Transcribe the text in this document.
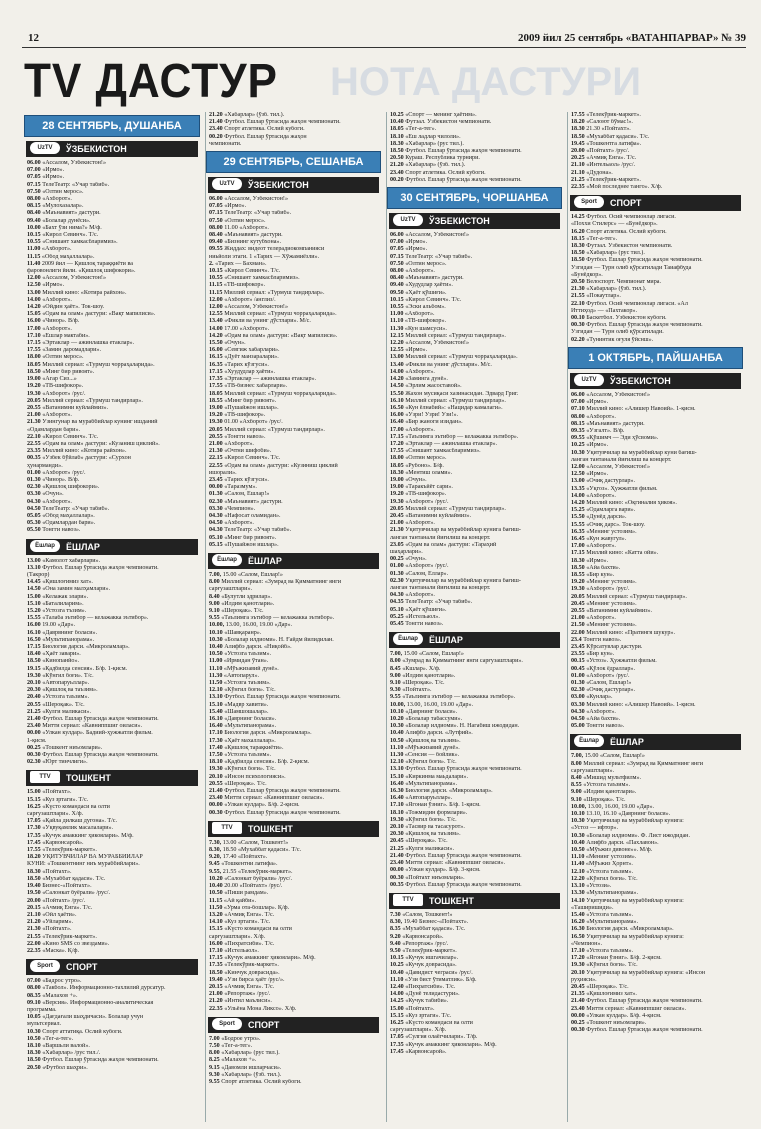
12	2009 йил 25 сентябрь «ВАТАНПАРВАР» № 39
TV ДАСТУР НОТА ДАСТУРИ
28 СЕНТЯБРЬ, ДУШАНБА
UzTV	ЎЗБЕКИСТОН
06.00 «Ассалом, Ўзбекистон!»
07.00 «Ирмо».
07.05 «Ирмо».
07.15 ТелеТеатр: «Учар табиб».
07.50 «Олтин мерос».
08.00 «Ахборот».
08.15 «Мулохазалар».
08.40 «Маънавият» дастури.
09.40 «Болалар дунёси».
10.00 «Бахт ўзи нима?» М/ф.
10.15 «Кирол Севинч». Т/с.
10.55 «Снишант хамкасбларимиз».
11.00 «Ахборот».
11.15 «Обод маҳаллалар».
11.40 2009 йил — Қишлоқ тараққиёти ва
фаровонлиги йили. «Қишлоқ шифокори».
12.00 «Ассалом, Ўзбекистон!»
12.50 «Ирмо».
13.00 Миллий кино: «Котира райхон».
14.00 «Ахборот».
14.20 «Ойдин ҳаёт». Ток-шоу.
15.05 «Одам ва олам» дастури: «Вақт мапилиси».
16.00 «Чинор». В/ф.
17.00 «Ахборот».
17.10 «Ёшлар мактаби».
17.15 «Эртаклар — ажинлашка етаклар».
17.55 «Замин даромадлари».
18.00 «Олтин мерос».
18.05 Миллий сериал: «Турмуш чорраҳаларида».
18.50 «Минг бир ривоят».
19.00 «Агар Сиз...»
19.20 «ТВ-шифокор».
19.30 «Ахборот» /рус/.
20.05 Миллий сериал: «Турмуш тандирлар».
20.55 «Ватанимни куйлаймиз».
21.00 «Ахборот».
21.30 Ўзингунар ва мураббийлар кунинг ишданий
«Одамлардан бари».
22.10 «Кирол Севинч». Т/с.
22.55 «Одам ва олам» дастури: «Кузаниш циклий».
23.35 Миллий кино: «Котира райхон».
00.35 «Ўзбек бўйлаб» дастури: «Сурхон
ҳунарманди».
01.00 «Ахборот» /рус/.
01.30 «Чинор». В/ф.
02.30 «Қишлоқ шифокори».
03.30 «Очун».
04.30 «Ахборот».
04.50 ТелеТеатр: «Учар табиб».
05.05 «Обод маҳаллалар».
05.30 «Одамлардан бари».
05.50 Тонгги навоз».
Ёшлар	ЁШЛАР
13.00 «Камолот хабарлари».
13.10 Футбол. Ёшлар ўртасида жаҳон чемпионати.
(Такрор)
14.45 «Қишлоғимиз хат».
14.50 «Она замин малҳамлари».
15.00 «Келажак элари».
15.10 «Баталиларим».
15.20 «Устозга тъзим».
15.55 «Талаба эътибор — келажакка эътибор».
16.00 19.00 «Дар».
16.10 «Даврвнинг болаcи».
16.50 «Мультипанорама».
17.15 Биология дарси. «Микроламлар».
18.40 «Ҳаёт завари».
18.50 «Кинопанйо».
19.15 «Қадбилда сенсия». Б/ф. 1-қисм.
19.30 «Кўнгил боғи». Т/с.
20.10 «Автопаруьллар».
20.30 «Қишлоқ ва таъзим».
20.40 «Устозга таъзим».
20.55 «Шероқак». Т/с.
21.25 «Кулги маликаси».
21.40 Футбол. Ёшлар ўртасида жаҳон чемпионати.
23.40 Митти сериал: «Кавниппшиг оиласи».
00.00 «Улкан кулдар». Бадиий-ҳужжатли фильм.
1-қисм.
00.25 «Тошкент ниъомлари».
00.30 Футбол. Ёшлар ўртасида жаҳон чемпионати.
02.30 «Юрт тинчлиги».
TTV	ТОШКЕНТ
15.00 «Пойтахт».
15.15 «Куз зртаги». Т/с.
16.25 «Күсто командаси ва олти
сарғузаштлари». Х/ф.
17.05 «Қайла дилкаш дугона». Т/с.
17.30 «Уқвуқамлик масалалари».
17.35 «Кучук амаккинг ҳикоялари». М/ф.
17.45 «Карвонсарой».
17.55 «Телекўрик-маркет».
18.20 ЎҚИТУВЧИЛАР ВА МУРАББИЙЛАР
КУНИ: «Тошкентнинг ниъ мураббийлари».
18.30 «Пойтахт».
18.50 «Мухаббат қадаси». Т/с.
19.40 Бизнес-«Пойтахт».
19.50 «Салонкат буёрали» /рус/.
20.00 «Пойтахт» /рус/.
20.15 «Ачмиқ Ёнга». Т/с.
21.10 «Ойл ҳаёти».
21.20 «Уйларим».
21.30 «Пойтахт».
21.55 «Телекўрик-маркет».
22.00 «Кино SMS со звездами».
22.35 «Маска». Қ/ф.
Sport	СПОРТ
07.00 «Бадрос утро».
08.00 «Такбол». Информационно-тахлилий дурсатур.
08.35 «Малахов +».
09.10 «Версия». Информационно-аналитическая
программа.
10.05 «Дағдағали шаҳдичаси». Болалар учун
мультсериал.
10.30 Спорт аттатиқа. Ослий кубоги.
10.50 «Тег-а-тег».
18.10 «Варшьли валой».
18.30 «Хабарлар» /рус тил./.
18.50 Футбол. Ёшлар ўртасида жаҳон чемпионати.
20.50 «Футбол шаҳри».
21.20 «Хабарлар» (ўзб. тил.).
21.40 Футбол. Ёшлар ўртасида жаҳон чемпионати.
23.40 Спорт атлетика. Ослий кубоги.
00.20 Футбол. Ёшлар ўртасида жаҳон
чемпионати.
29 СЕНТЯБРЬ, СЕШАНБА
UzTV	ЎЗБЕКИСТОН
06.00 «Ассалом, Ўзбекистон!»
07.05 «Ирмо».
07.15 ТелеТеатр: «Учар табиб».
07.50 «Олтин мерос».
08.00 11.00 «Ахборот».
08.40 «Маънавият» дастури.
09.40 «Бизнинг кутубхона».
09.55 Жиддаx: видеот телерадиокомпанияси
ниьйоли этаги. 1 «Тарих — Хўжамиёзли».
2. «Тарих — Бахман».
10.15 «Кирол Севинч». Т/с.
10.55 «Снишант хамкасбларимиз».
11.15 «ТВ-шифокор».
11.15 Миллий сериал: «Турмуш тандирлар».
12.00 «Ахборот» /англиз/.
12.00 «Ассалом, Ўзбекистон!»
12.55 Миллий сериал: «Турмуш чорраҳаларида».
13.40 «Фикли ва унинг дўстлари». М/с.
14.00 17.00 «Ахборот».
14.20 «Одам ва олам» дастури: «Вақт мапилиси».
15.50 «Очун».
16.00 «Севгиж хабарлари».
16.15 «Дуёт манзаралари».
16.35 «Тарих кўзгуси».
17.15 «Хуудудлар ҳаёти».
17.35 «Эртаклар — ажинлашка етаклар».
17.55 «ТВ-бизнес хабарлари».
18.05 Миллий сериал: «Турмуш чорраҳаларида».
18.55 «Минг бир ривоят».
19.00 «Пушайжон ишлар».
19.20 «ТВ-шифокор».
19.30 01.00 «Ахборот» /рус/.
20.05 Миллий сериал: «Турмуш тандирлар».
20.55 «Тонгги навоз».
21.00 «Ахборот».
21.30 «Очтни шифоби».
22.15 «Кирол Севинч». Т/с.
22.55 «Одам ва олам» дастури: «Кузиниш циклий
ишорали».
23.45 «Тарих кўзгуси».
00.00 «Таразмум».
01.30 «Салом, Ёшлар!»
02.30 «Маънавият» дастури.
03.30 «Чемпион».
04.30 «Нафосат оламидан».
04.50 «Ахборот».
04.30 ТелеТеатр: «Учар табиб».
05.10 «Минг бир ривоят».
05.15 «Пушайжон ишлар».
Ёшлар	ЁШЛАР
7.00, 15.00 «Салом, Ёшлар!»
8.00 Миллий сериал: «Зумрад ва Қимматнинг янги
сарғузаштлари».
8.40 «Булутли эдрилар».
9.00 «Илдим қанотлари».
9.10 «Шероқак». Т/с.
9.55 «Таълимга эътибор — келажакка эътибор».
10.00, 13.00, 16.00, 19.00 «Дар».
10.10 «Шавқаранр».
10.30 «Болалар илдиоми». Н. Ғайдм йилидилан.
10.40 Алифбэ дарси. «Ниқойб».
10.50 «Устозга таъзим».
11.00 «Ирмидан ўтан».
11.10 «Мўъжизавий дунё».
11.30 «Автопарул».
11.50 «Устозга таъзим».
12.10 «Кўнгил боғи». Т/с.
13.10 Футбол. Ёшлар ўртасида жаҳон чемпионати.
15.10 «Мадвр хавити».
15.40 «Шамшошалар».
16.10 «Даврнинг болаcи».
16.40 «Мультипанорама».
17.10 Биология дарси. «Микроламлар».
17.30 «Ҳаёт махаллалар».
17.40 «Қишлоқ тарақкиёти».
17.50 «Устозга таъзим».
18.10 «Қадбилда сенсия». Б/ф. 2-қисм.
19.30 «Кўнгил боғи». Т/с.
20.10 «Инсон психологияси».
20.55 «Шероқак». Т/с.
21.40 Футбол. Ёшлар ўртасида жаҳон чемпионати.
23.40 Митти сериал: «Кавниппшиг оиласи».
00.00 «Улкан кулдар». Б/ф. 2-қисм.
00.30 Футбол. Ёшлар ўртасида жаҳон чемпионати.
TTV	ТОШКЕНТ
7.30, 13.00 «Салом, Тошкент!»
8.30, 18.50 «Мухаббат қадаси». Т/с.
9.20, 17.40 «Пойтахт».
9.45 «Тошкентни латифа».
9.55, 21.55 «Телекўрик-маркет».
10.20 «Салонкат буёрали» /рус/.
10.40 20.00 «Пойтахт» /рус/.
10.50 «Пиши рамдам».
11.15 «Ай қайби».
11.50 «Урма ота-бошлар». Қ/ф.
13.20 «Ачмиқ Ёнга». Т/с.
14.10 «Куз зртаги». Т/с.
15.15 «Күсто командаси ва олти
сарғузаштлари». Х/ф.
16.00 «Пихратсиби». Т/с.
17.10 «Истельаол».
17.15 «Кучук амаккинг ҳикоялари». М/ф.
17.35 «Телекўрик-маркет».
18.50 «Кинчук доврасида».
19.40 «Ўзи бирса ҳаёт /рус/».
20.15 «Ачмиқ Ёнга». Т/с.
21.00 «Репортаж» /рус/.
21.20 «Интил маълиси».
22.35 «Ульёна Мона Ликсо». Х/ф.
Sport	СПОРТ
7.00 «Бодрое утро».
7.50 «Тег-а-тег».
8.00 «Хабарлар» (рус тил.).
8.25 «Малахов +».
9.15 «Давомли ишларчаси».
9.30 «Хабарлар» (ўзб. тил.).
9.55 Спорт атлетика. Ослий кубоги.
10.25 «Спорт — менинг ҳаётим».
10.40 Футзал. Ўзбекистон чемпионати.
18.05 «Тег-а-тег».
18.10 «Ёш ладлар чилоли».
18.30 «Хабарлар» (рус тил.).
18.50 Футбол. Ёшлар ўртасида жаҳон чемпионати.
20.50 Кураш. Республика турнири.
21.20 «Хабарлар» (ўзб. тил.).
23.40 Спорт атлетика. Ослий кубоги.
00.20 Футбол. Ёшлар ўртасида жаҳон чемпионати.
30 СЕНТЯБРЬ, ЧОРШАНБА
UzTV	ЎЗБЕКИСТОН
06.00 «Ассалом, Ўзбекистон!»
07.00 «Ирмо».
07.05 «Ирмо».
07.15 ТелеТеатр: «Учар табиб».
07.50 «Олтин мерос».
08.00 «Ахборот».
08.40 «Маънавият» дастури.
09.40 «Худудлар ҳаёти».
09.50 «Ҳаёт қўшиғи».
10.15 «Кирол Севинч». Т/с.
10.55 «Эски альбом».
11.00 «Ахборот».
11.10 «ТВ-шифокор».
11.30 «Кун шамсуси».
12.15 Миллий сериал: «Турмуш тандирлар».
12.20 «Ассалом, Ўзбекистон!»
12.55 «Ирмо».
13.00 Миллий сериал: «Турмуш чорраҳаларида».
13.40 «Фикли ва унинг дўстлари». М/с.
14.00 «Ахборот».
14.20 «Заминга дунё».
14.50 «Эрлим жасоставой».
15.50 Жахон мусиқаси хазинасидан. Эдвард Григ.
16.10 Миллий сериал: «Турмуш тандирлар».
16.50 «Кун ёлнабий»: «Нацидар камалаги».
16.00 «Ўзри! Ўзри! Ўзи!».
16.40 «Бир жаноги изидан».
17.00 «Ахборот».
17.15 «Таълимга эътибор — келажакка эътибор».
17.20 «Эртаклар — ажинлашка етаклар».
17.55 «Снишант хамкасбларимиз».
18.00 «Олтин мерос».
18.05 «Рубоно». Б/ф.
18.30 «Ментиш олами».
19.00 «Очун».
19.00 «Таракъйёт сари».
19.20 «ТВ-шифокор».
19.30 «Ахборот» /рус/.
20.05 Миллий сериал: «Турмуш тандирлар».
20.45 «Ватанимни куйлаймиз».
21.00 «Ахборот».
21.30 Ўқитувчилар ва мураббийлар кунига бағиш-
ланган тантанали йиғилиш ва концерт.
23.05 «Одам ва олам» дастури: «Тараҳий
шаҳарлари».
00.25 «Очун».
01.00 «Ахборот» /рус/.
01.30 «Салом, Еллар».
02.30 Ўқитувчилар ва мураббийлар кунига бағиш-
ланган тантанали йиғилиш ва концерт.
04.30 «Ахборот».
04.35 ТелеТеатр: «Учар табиб».
05.10 «Ҳаёт қўшиғи».
05.25 «Истельаол».
05.45 Тонгги навоз».
Ёшлар	ЁШЛАР
7.00, 15.00 «Салом, Ёшлар!»
8.00 «Зумрад ва Қимматнинг янги сарғузаштлари».
8.45 «Кшлар». Х/ф.
9.00 «Илдим қанотлари».
9.10 «Шероқак». Т/с.
9.30 «Пойтахт».
9.55 «Таълимга эътибор — келажакка эътибор».
10.00, 13.00, 16.00, 19.00 «Дар».
10.10 «Даврнинг болаcи».
10.20 «Болалар табассуми».
10.30 «Болалар илдиоми». Н. Нагабиш ижодидан.
10.40 Алифбэ дарси. «Лутфий».
10.50 «Қишлоқ ва таъзим».
11.10 «Мўъжизавий дунё».
11.30 «Сенсия — бойлик».
12.10 «Кўнгил боғи». Т/с.
13.10 Футбол. Ёшлар ўртасида жаҳон чемпионати.
15.10 «Киркинма маьдалари».
16.40 «Мультипанорама».
16.30 Биология дарси. «Микроламлар».
16.40 «Автопаруьллар».
17.10 «Ягонаи ўзниг». Б/ф. 1-қисм.
18.10 «Тожмидин формлари».
19.30 «Кўнгил боғи». Т/с.
20.10 «Тасвир ва тасасурот».
20.30 «Қишлоқ ва таъзим».
20.45 «Шероқак». Т/с.
21.25 «Кулги маликаси».
21.40 Футбол. Ёшлар ўртасида жаҳон чемпионати.
23.40 Митти сериал: «Кавниппшиг оиласи».
00.00 «Улкан кулдар». Б/ф. 3-қисм.
00.30 «Пойтахт ниъомлари».
00.35 Футбол. Ёшлар ўртасида жаҳон чемпионати.
TTV	ТОШКЕНТ
7.30 «Салом, Тошкент!»
8.30, 19.40 Бизнес-«Пойтахт».
8.35 «Мухаббат қадаси». Т/с.
9.20 «Карвонсарой».
9.40 «Репортаж» /рус/.
9.50 «Телекўрик-маркет».
10.15 «Кучук ишгачилар».
10.25 «Кучук доврасида».
10.40 «Давидист чеграси» /рус/.
11.10 «Ўзи бист ўтиматлик». Б/ф.
12.40 «Пихратсиби». Т/с.
14.00 «Дунё телидастури».
14.25 «Кучук табиби».
15.00 «Пойтахт».
15.15 «Куз зртаги». Т/с.
16.25 «Күсто командаси ва олти
сарғузаштлари». Х/ф.
17.05 «Сулгия олаёгчилари». Т/ф.
17.35 «Кучук амаккинг ҳикоялари». М/ф.
17.45 «Карвонсарой».
17.55 «Телекўрик-маркет».
18.20 «Салоют бўмас!».
18.30 21.30 «Пойтахт».
18.50 «Мухаббат қадаси». Т/с.
19.45 «Тошкентга латифа».
20.00 «Пойтахт» /рус/.
20.25 «Ачмиқ Ёнга». Т/с.
21.10 «Интельаол» /рус/.
21.10 «Дудона».
21.25 «Телекўрик-маркет».
22.35 «Мой последнее танго». Х/ф.
Sport	СПОРТ
14.25 Футбол. Осий чемпионлар лигаси.
«Поххи Стилерс» — «Бунёдкор».
16.20 Спорт атлетика. Ослий кубоги.
18.15 «Тег-а-тег».
18.30 Футзал. Ўзбекистон чемпионати.
18.50 «Хабарлар» (рус тил.).
18.50 Футбол. Ёшлар ўртасида жаҳон чемпионати.
Ўзгидан — Турн олиб қўрсатилади Таиафбуда
«Бунёдкор».
20.50 Велоспорт. Чемпионат мира.
21.30 «Хабарлар» (ўзб. тил.).
21.55 «Покаутлар».
22.10 Футбол. Осий чемпионлар лигаси. «Ал
Иттиҳод» — «Пахтакор».
00.10 Баскетбол. Ўзбекистон кубоги.
00.30 Футбол. Ёшлар ўртасида жаҳон чемпионати.
Ўзгидан — Турн олиб қўрсатилади.
02.20 «Тунинтик оғуля ўйснш».
1 ОКТЯБРЬ, ПАЙШАНБА
UzTV	ЎЗБЕКИСТОН
06.00 «Ассалом, Ўзбекистон!»
07.00 «Ирмо».
07.10 Миллий кино: «Алишер Навоий». 1-қисм.
08.00 «Ахборот».
08.15 «Маънавият» дастури.
09.35 «Ўзгалт». В/ф.
09.55 «Қўшимч — Эди ҳўсвоми».
10.25 «Ирмо».
10.30 Ўқитувчилар ва мураббийлар куни бағиш-
ланган тантанали йиғилиш ва концерт.
12.00 «Ассалом, Ўзбекистон!»
12.50 «Ирмо».
13.00 «Очиқ дастурлар».
13.35 «Ўқгоз». Ҳужжатли фильм.
14.00 «Ахборот».
14.20 Миллий кино: «Оқгиналия ҳикоя».
15.25 «Одамларга вари».
15.50 «Дунёд дарси».
15.55 «Очиқ дарс». Ток-шоу.
16.35 «Менинг устозим».
16.45 «Кун жавугул».
17.00 «Ахборот».
17.15 Миллий кино: «Катта ойи».
18.30 «Ирмо».
18.50 «Айа бахти».
18.55 «Бир кун».
19.20 «Менинг устозим».
19.30 «Ахборот» /рус/.
20.05 Миллий сериал: «Турмуш тандирлар».
20.45 «Менинг устозим».
20.55 «Ватанимни куйлаймиз».
21.00 «Ахборот».
21.50 «Менинг устозим».
22.00 Миллий кино: «Пратингя шукур».
23.4 Тонгги навоз».
23.45 Кўрсатувлар дастури.
23.55 «Бир кун».
00.15 «Устоз». Ҳужжатли фильм.
00.45 «Қўлок ёдраллар».
01.00 «Ахборот» /рус/.
01.30 «Салом, Ёшлар!»
02.30 «Очиқ дастурлар».
03.00 «Кунлар».
03.30 Миллий кино: «Алишер Навоий». 1-қисм.
04.30 «Ахборот».
04.50 «Айа бахти».
05.00 Тонгги навоз».
Ёшлар	ЁШЛАР
7.00, 15.00 «Салом, Ёшлар!»
8.00 Миллий сериал: «Зумрад ва Қимматнинг янги
сарғузаштлари».
8.40 «Мишид мультфилм».
8.55 «Устозга таъзим».
9.00 «Илдим қанотлари».
9.10 «Шероқак». Т/с.
10.00, 13.00, 16.00, 19.00 «Дар».
10.10 13.10, 16.10 «Даврнинг болаcи».
10.30 Ўқитувчилар ва мураббийлар кунига:
«Устоз — ифтор».
10.30 «Болалар илдиоми». Ф. Лист ижодидан.
10.40 Алифбэ дарси. «Пахлавон».
10.50 «Мўъжиз дивоне»». М/ф.
11.10 «Менинг устозим».
11.40 «Мўъжиз Ҳорнт».
12.10 «Устозга таъзим».
12.20 «Кўнгил боғи». Т/с.
13.10 «Устози».
13.30 «Мультипанорама».
14.10 Ўқитувчилар ва мураббийлар кунига:
«Таширишиди».
15.40 «Устозга таъзим».
16.20 «Мультипанорама».
16.30 Биология дарси. «Микроламлар».
16.50 Ўқитувчилар ва мураббийлар кунига:
«Чемпион».
17.10 «Устозга таъзим».
17.20 «Ягонаи ўзниг». Б/ф. 2-қисм.
19.30 «Кўнгил боғи». Т/с.
20.10 Ўқитувчилар ва мураббийлар кунига: «Инсон
руҳияси».
20.45 «Шероқак». Т/с.
21.35 «Қишлоғимиз хат».
21.40 Футбол. Ёшлар ўртасида жаҳон чемпионати.
23.40 Митти сериал: «Кавниппшиг оиласи».
00.00 «Улкан кулдар». Б/ф. 4-қисм.
00.25 «Тошкент ниъомлари».
00.30 Футбол. Ёшлар ўртасида жаҳон чемпионати.
